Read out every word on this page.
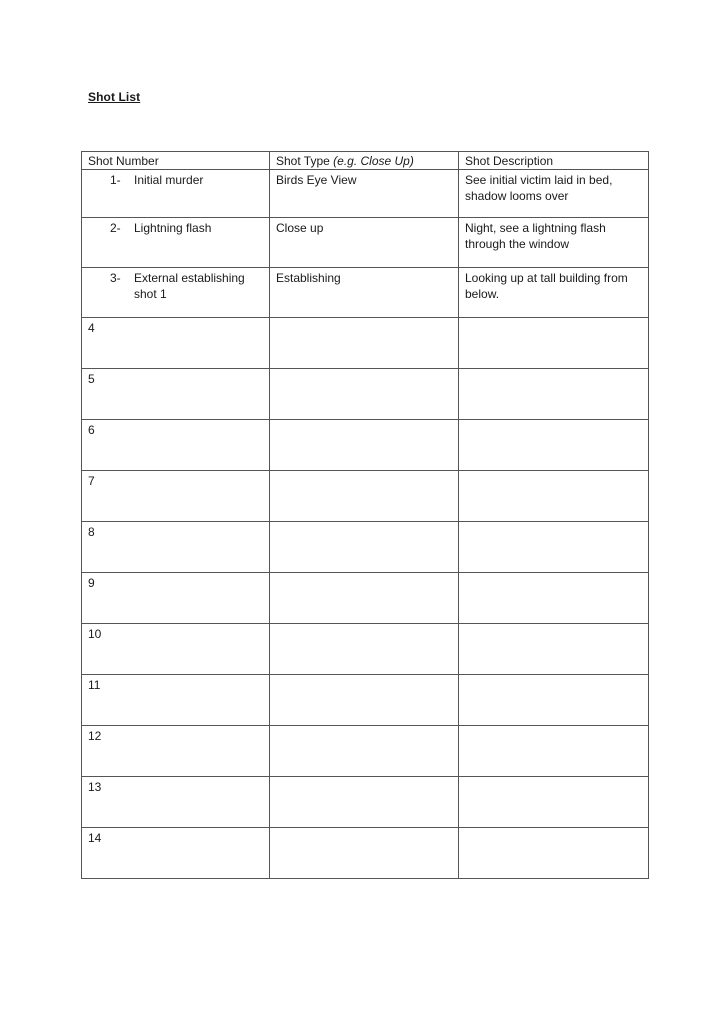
Shot List
Shot Number	Shot Type (e.g. Close Up)	Shot Description

1- Initial murder	Birds Eye View	See initial victim laid in bed, shadow looms over

2- Lightning flash	Close up	Night, see a lightning flash through the window

3- External establishing shot 1	Establishing	Looking up at tall building from below.
4		
5		
6		
7		
8		
9		
10		
11		
12		
13		
14		
